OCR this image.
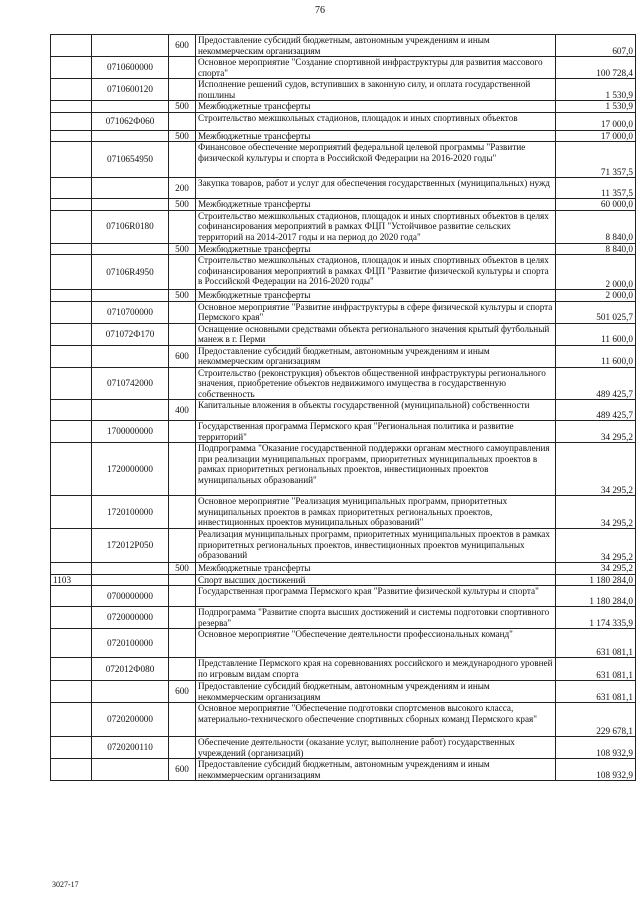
76
		600	Предоставление субсидий бюджетным, автономным учреждениям и иным некоммерческим организациям	607,0
	0710600000		Основное мероприятие "Создание спортивной инфраструктуры для развития массового спорта"	100 728,4
	0710600120		Исполнение решений судов, вступивших в законную силу, и оплата государственной пошлины	1 530,9
		500	Межбюджетные трансферты	1 530,9
	071062Ф060		Строительство межшкольных стадионов, площадок и иных спортивных объектов	17 000,0
		500	Межбюджетные трансферты	17 000,0
	0710654950		Финансовое обеспечение мероприятий федеральной целевой программы "Развитие физической культуры и спорта в Российской Федерации на 2016-2020 годы"	71 357,5
		200	Закупка товаров, работ и услуг для обеспечения государственных (муниципальных) нужд	11 357,5
		500	Межбюджетные трансферты	60 000,0
	07106R0180		Строительство межшкольных стадионов, площадок и иных спортивных объектов в целях софинансирования мероприятий в рамках ФЦП "Устойчивое развитие сельских территорий на 2014-2017 годы и на период до 2020 года"	8 840,0
		500	Межбюджетные трансферты	8 840,0
	07106R4950		Строительство межшкольных стадионов, площадок и иных спортивных объектов в целях софинансирования мероприятий в рамках ФЦП "Развитие физической культуры и спорта в Российской Федерации на 2016-2020 годы"	2 000,0
		500	Межбюджетные трансферты	2 000,0
	0710700000		Основное мероприятие "Развитие инфраструктуры в сфере физической культуры и спорта Пермского края"	501 025,7
	071072Ф170		Оснащение основными средствами объекта регионального значения крытый футбольный манеж в г. Перми	11 600,0
		600	Предоставление субсидий бюджетным, автономным учреждениям и иным некоммерческим организациям	11 600,0
	0710742000		Строительство (реконструкция) объектов общественной инфраструктуры регионального значения, приобретение объектов недвижимого имущества в государственную собственность	489 425,7
		400	Капитальные вложения в объекты государственной (муниципальной) собственности	489 425,7
	1700000000		Государственная программа Пермского края "Региональная политика и развитие территорий"	34 295,2
	1720000000		Подпрограмма "Оказание государственной поддержки органам местного самоуправления при реализации муниципальных программ, приоритетных муниципальных проектов в рамках приоритетных региональных проектов, инвестиционных проектов муниципальных образований"	34 295,2
	1720100000		Основное мероприятие "Реализация муниципальных программ, приоритетных муниципальных проектов в рамках приоритетных региональных проектов, инвестиционных проектов муниципальных образований"	34 295,2
	172012Р050		Реализация муниципальных программ, приоритетных муниципальных проектов в рамках приоритетных региональных проектов, инвестиционных проектов муниципальных образований	34 295,2
		500	Межбюджетные трансферты	34 295,2
1103			Спорт высших достижений	1 180 284,0
	0700000000		Государственная программа Пермского края "Развитие физической культуры и спорта"	1 180 284,0
	0720000000		Подпрограмма "Развитие спорта высших достижений и системы подготовки спортивного резерва"	1 174 335,9
	0720100000		Основное мероприятие "Обеспечение деятельности профессиональных команд"	631 081,1
	072012Ф080		Представление Пермского края на соревнованиях российского и международного уровней по игровым видам спорта	631 081,1
		600	Предоставление субсидий бюджетным, автономным учреждениям и иным некоммерческим организациям	631 081,1
	0720200000		Основное мероприятие "Обеспечение подготовки спортсменов высокого класса, материально-технического обеспечение спортивных сборных команд Пермского края"	229 678,1
	0720200110		Обеспечение деятельности (оказание услуг, выполнение работ) государственных учреждений (организаций)	108 932,9
		600	Предоставление субсидий бюджетным, автономным учреждениям и иным некоммерческим организациям	108 932,9
3027-17
